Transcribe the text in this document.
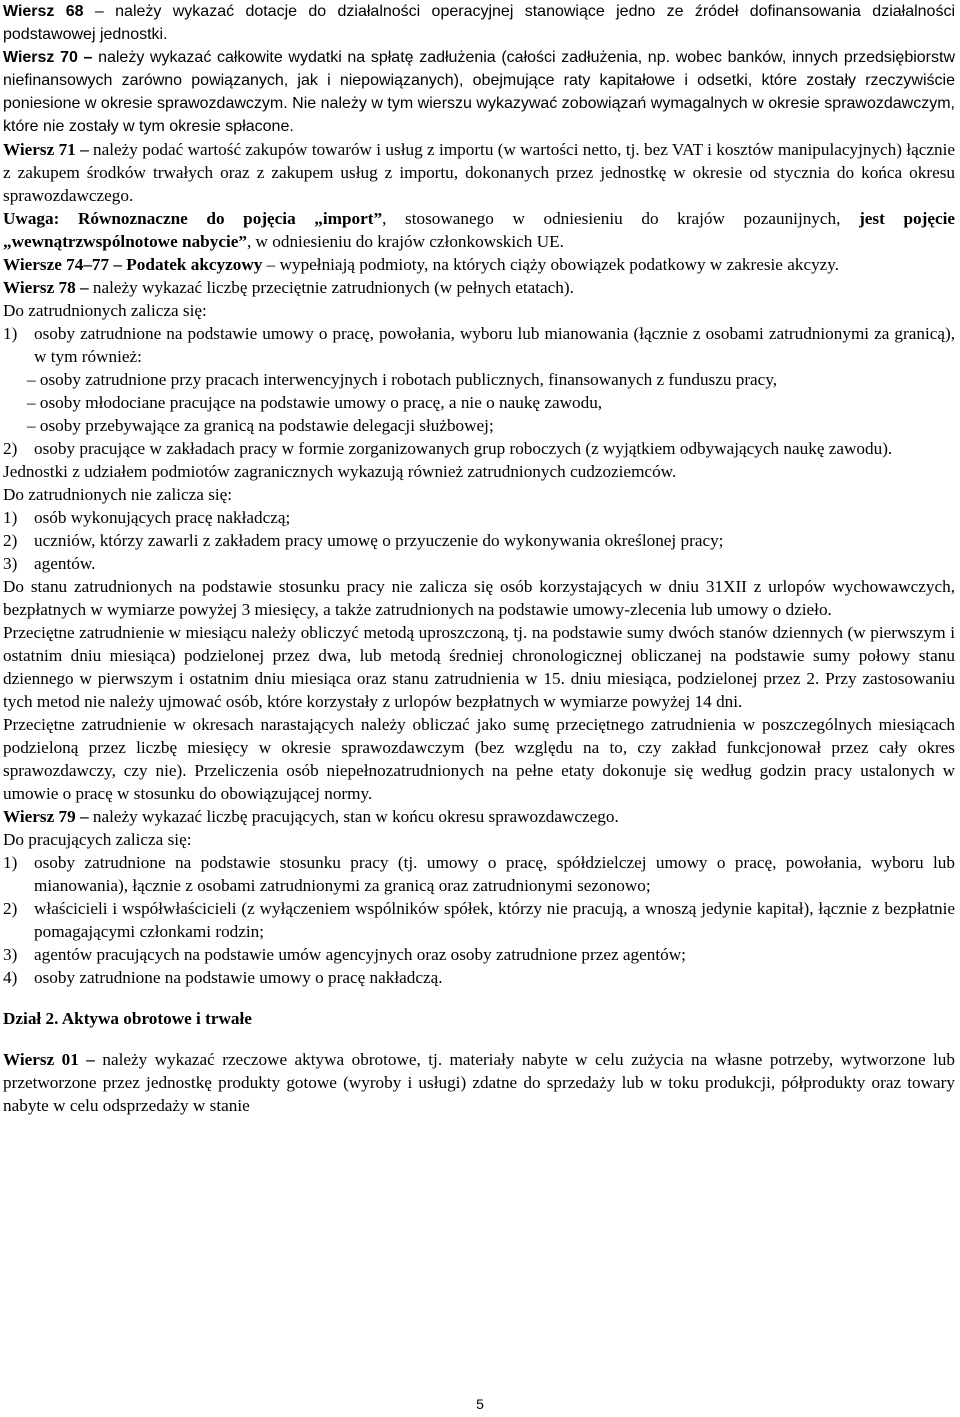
Wiersz 68 – należy wykazać dotacje do działalności operacyjnej stanowiące jedno ze źródeł dofinansowania działalności podstawowej jednostki.

Wiersz 70 – należy wykazać całkowite wydatki na spłatę zadłużenia (całości zadłużenia, np. wobec banków, innych przedsiębiorstw niefinansowych zarówno powiązanych, jak i niepowiązanych), obejmujące raty kapitałowe i odsetki, które zostały rzeczywiście poniesione w okresie sprawozdawczym. Nie należy w tym wierszu wykazywać zobowiązań wymagalnych w okresie sprawozdawczym, które nie zostały w tym okresie spłacone.

Wiersz 71 – należy podać wartość zakupów towarów i usług z importu (w wartości netto, tj. bez VAT i kosztów manipulacyjnych) łącznie z zakupem środków trwałych oraz z zakupem usług z importu, dokonanych przez jednostkę w okresie od stycznia do końca okresu sprawozdawczego.

Uwaga: Równoznaczne do pojęcia „import”, stosowanego w odniesieniu do krajów pozaunijnych, jest pojęcie „wewnątrzwspólnotowe nabycie”, w odniesieniu do krajów członkowskich UE.

Wiersze 74–77 – Podatek akcyzowy – wypełniają podmioty, na których ciąży obowiązek podatkowy w zakresie akcyzy.

Wiersz 78 – należy wykazać liczbę przeciętnie zatrudnionych (w pełnych etatach).

Do zatrudnionych zalicza się:

1) osoby zatrudnione na podstawie umowy o pracę, powołania, wyboru lub mianowania (łącznie z osobami zatrudnionymi za granicą), w tym również:

– osoby zatrudnione przy pracach interwencyjnych i robotach publicznych, finansowanych z funduszu pracy,

– osoby młodociane pracujące na podstawie umowy o pracę, a nie o naukę zawodu,

– osoby przebywające za granicą na podstawie delegacji służbowej;

2) osoby pracujące w zakładach pracy w formie zorganizowanych grup roboczych (z wyjątkiem odbywających naukę zawodu).

Jednostki z udziałem podmiotów zagranicznych wykazują również zatrudnionych cudzoziemców.

Do zatrudnionych nie zalicza się:

1) osób wykonujących pracę nakładczą;
2) uczniów, którzy zawarli z zakładem pracy umowę o przyuczenie do wykonywania określonej pracy;
3) agentów.

Do stanu zatrudnionych na podstawie stosunku pracy nie zalicza się osób korzystających w dniu 31XII z urlopów wychowawczych, bezpłatnych w wymiarze powyżej 3 miesięcy, a także zatrudnionych na podstawie umowy-zlecenia lub umowy o dzieło.

Przeciętne zatrudnienie w miesiącu należy obliczyć metodą uproszczoną, tj. na podstawie sumy dwóch stanów dziennych (w pierwszym i ostatnim dniu miesiąca) podzielonej przez dwa, lub metodą średniej chronologicznej obliczanej na podstawie sumy połowy stanu dziennego w pierwszym i ostatnim dniu miesiąca oraz stanu zatrudnienia w 15. dniu miesiąca, podzielonej przez 2. Przy zastosowaniu tych metod nie należy ujmować osób, które korzystały z urlopów bezpłatnych w wymiarze powyżej 14 dni.

Przeciętne zatrudnienie w okresach narastających należy obliczać jako sumę przeciętnego zatrudnienia w poszczególnych miesiącach podzieloną przez liczbę miesięcy w okresie sprawozdawczym (bez względu na to, czy zakład funkcjonował przez cały okres sprawozdawczy, czy nie). Przeliczenia osób niepełnozatrudnionych na pełne etaty dokonuje się według godzin pracy ustalonych w umowie o pracę w stosunku do obowiązującej normy.

Wiersz 79 – należy wykazać liczbę pracujących, stan w końcu okresu sprawozdawczego.

Do pracujących zalicza się:

1) osoby zatrudnione na podstawie stosunku pracy (tj. umowy o pracę, spółdzielczej umowy o pracę, powołania, wyboru lub mianowania), łącznie z osobami zatrudnionymi za granicą oraz zatrudnionymi sezonowo;
2) właścicieli i współwłaścicieli (z wyłączeniem wspólników spółek, którzy nie pracują, a wnoszą jedynie kapitał), łącznie z bezpłatnie pomagającymi członkami rodzin;
3) agentów pracujących na podstawie umów agencyjnych oraz osoby zatrudnione przez agentów;
4) osoby zatrudnione na podstawie umowy o pracę nakładczą.

Dział 2. Aktywa obrotowe i trwałe

Wiersz 01 – należy wykazać rzeczowe aktywa obrotowe, tj. materiały nabyte w celu zużycia na własne potrzeby, wytworzone lub przetworzone przez jednostkę produkty gotowe (wyroby i usługi) zdatne do sprzedaży lub w toku produkcji, półprodukty oraz towary nabyte w celu odsprzedaży w stanie

5
